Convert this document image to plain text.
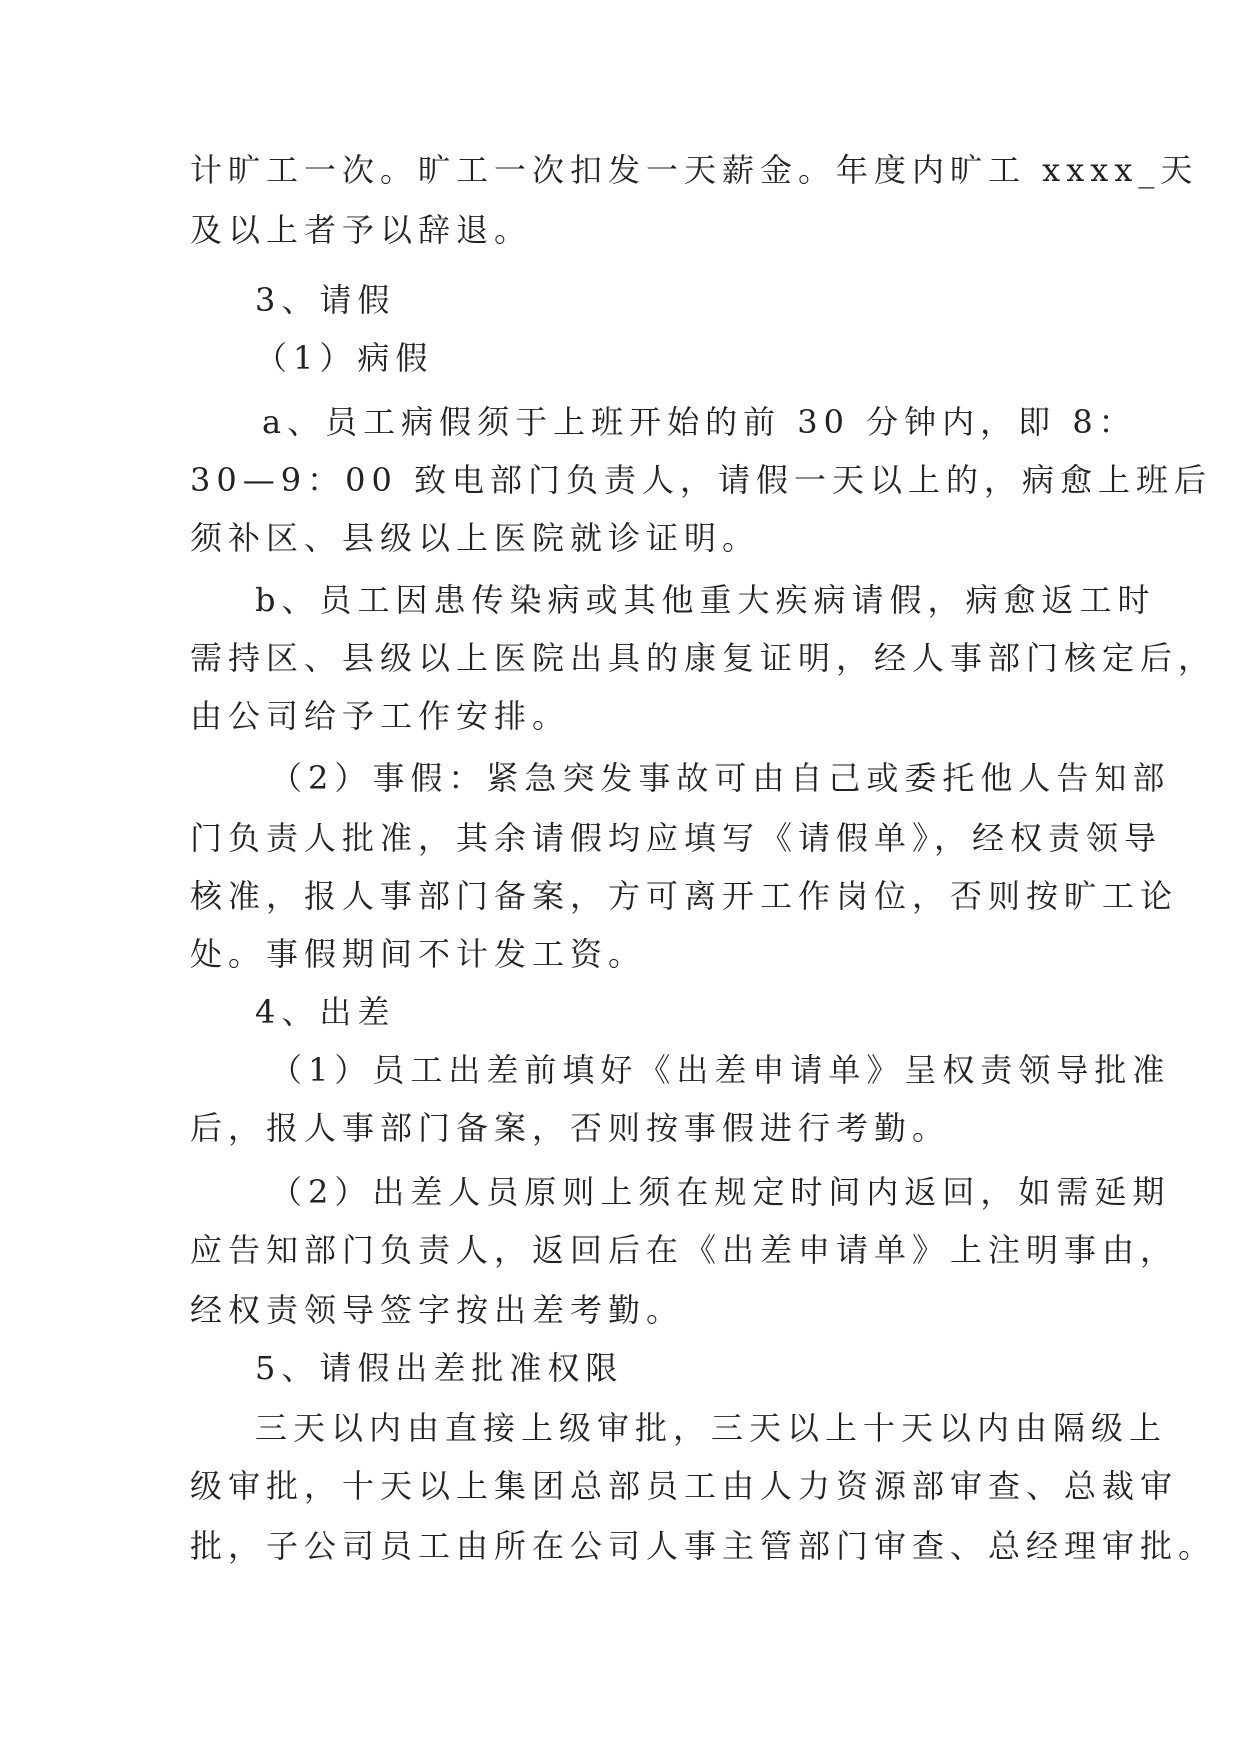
计旷工一次。旷工一次扣发一天薪金。年度内旷工 xxxx_天
及以上者予以辞退。
3、请假
（1）病假
a、员工病假须于上班开始的前 30 分钟内，即 8：
30—9：00 致电部门负责人，请假一天以上的，病愈上班后
须补区、县级以上医院就诊证明。
b、员工因患传染病或其他重大疾病请假，病愈返工时
需持区、县级以上医院出具的康复证明，经人事部门核定后，
由公司给予工作安排。
（2）事假：紧急突发事故可由自己或委托他人告知部
门负责人批准，其余请假均应填写《请假单》，经权责领导
核准，报人事部门备案，方可离开工作岗位，否则按旷工论
处。事假期间不计发工资。
4、出差
（1）员工出差前填好《出差申请单》呈权责领导批准
后，报人事部门备案，否则按事假进行考勤。
（2）出差人员原则上须在规定时间内返回，如需延期
应告知部门负责人，返回后在《出差申请单》上注明事由，
经权责领导签字按出差考勤。
5、请假出差批准权限
三天以内由直接上级审批，三天以上十天以内由隔级上
级审批，十天以上集团总部员工由人力资源部审查、总裁审
批，子公司员工由所在公司人事主管部门审查、总经理审批。
